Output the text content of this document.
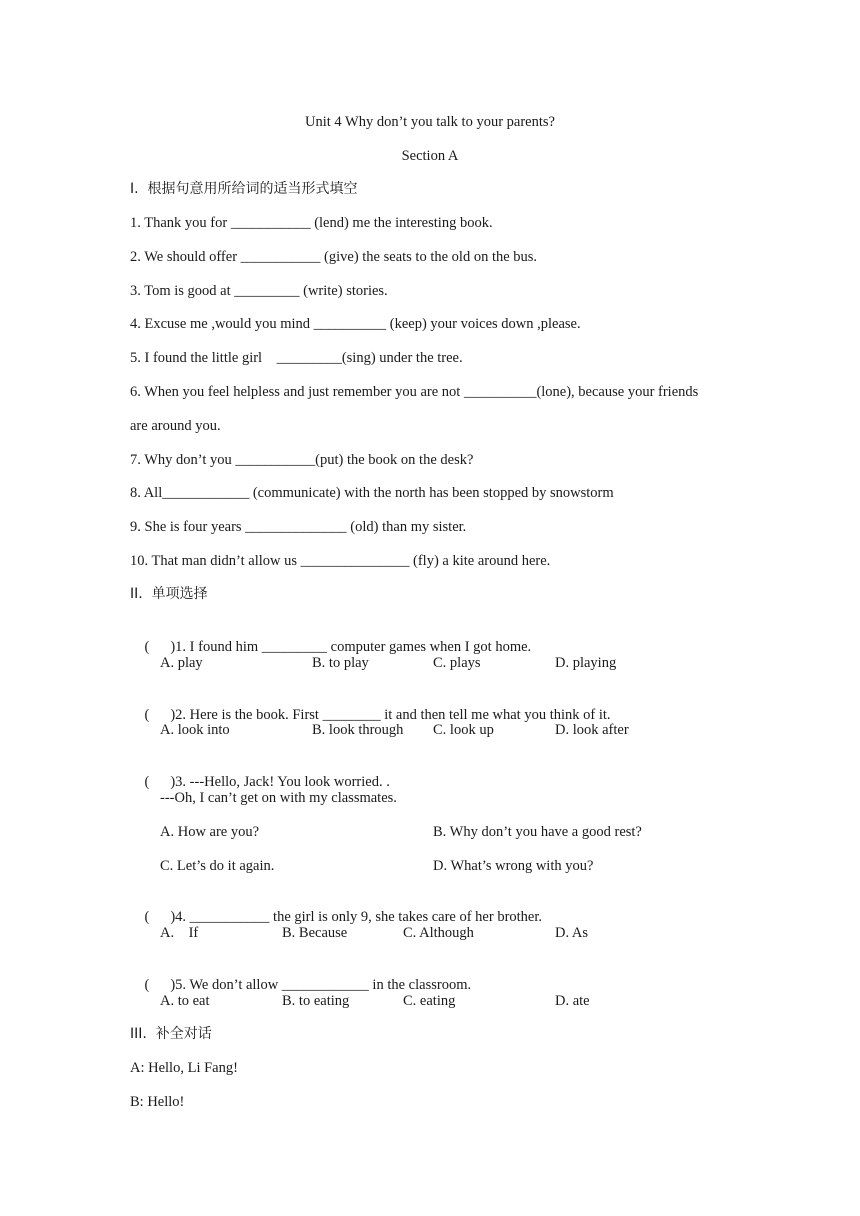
Unit 4 Why don’t you talk to your parents?
Section A
I.  根据句意用所给词的适当形式填空
1. Thank you for ___________ (lend) me the interesting book.
2. We should offer ___________ (give) the seats to the old on the bus.
3. Tom is good at _________ (write) stories.
4. Excuse me ,would you mind __________ (keep) your voices down ,please.
5. I found the little girl    _________(sing) under the tree.
6. When you feel helpless and just remember you are not __________(lone), because your friends
are around you.
7. Why don’t you ___________(put) the book on the desk?
8. All____________ (communicate) with the north has been stopped by snowstorm
9. She is four years ______________ (old) than my sister.
10. That man didn’t allow us _______________ (fly) a kite around here.
II.  单项选择

( )1. I found him _________ computer games when I got home.

A. play	B. to play	C. plays	D. playing

( )2. Here is the book. First ________ it and then tell me what you think of it.

A. look into	B. look through C. look up	D. look after

( )3. ---Hello, Jack! You look worried. .

---Oh, I can’t get on with my classmates.
A. How are you?	B. Why don’t you have a good rest?
C. Let’s do it again.	D. What’s wrong with you?

( )4. ___________ the girl is only 9, she takes care of her brother.

A.    If	B. Because	C. Although	D. As

( )5. We don’t allow ____________ in the classroom.

A. to eat	B. to eating	C. eating	D. ate
III.  补全对话
A: Hello, Li Fang!
B: Hello!
